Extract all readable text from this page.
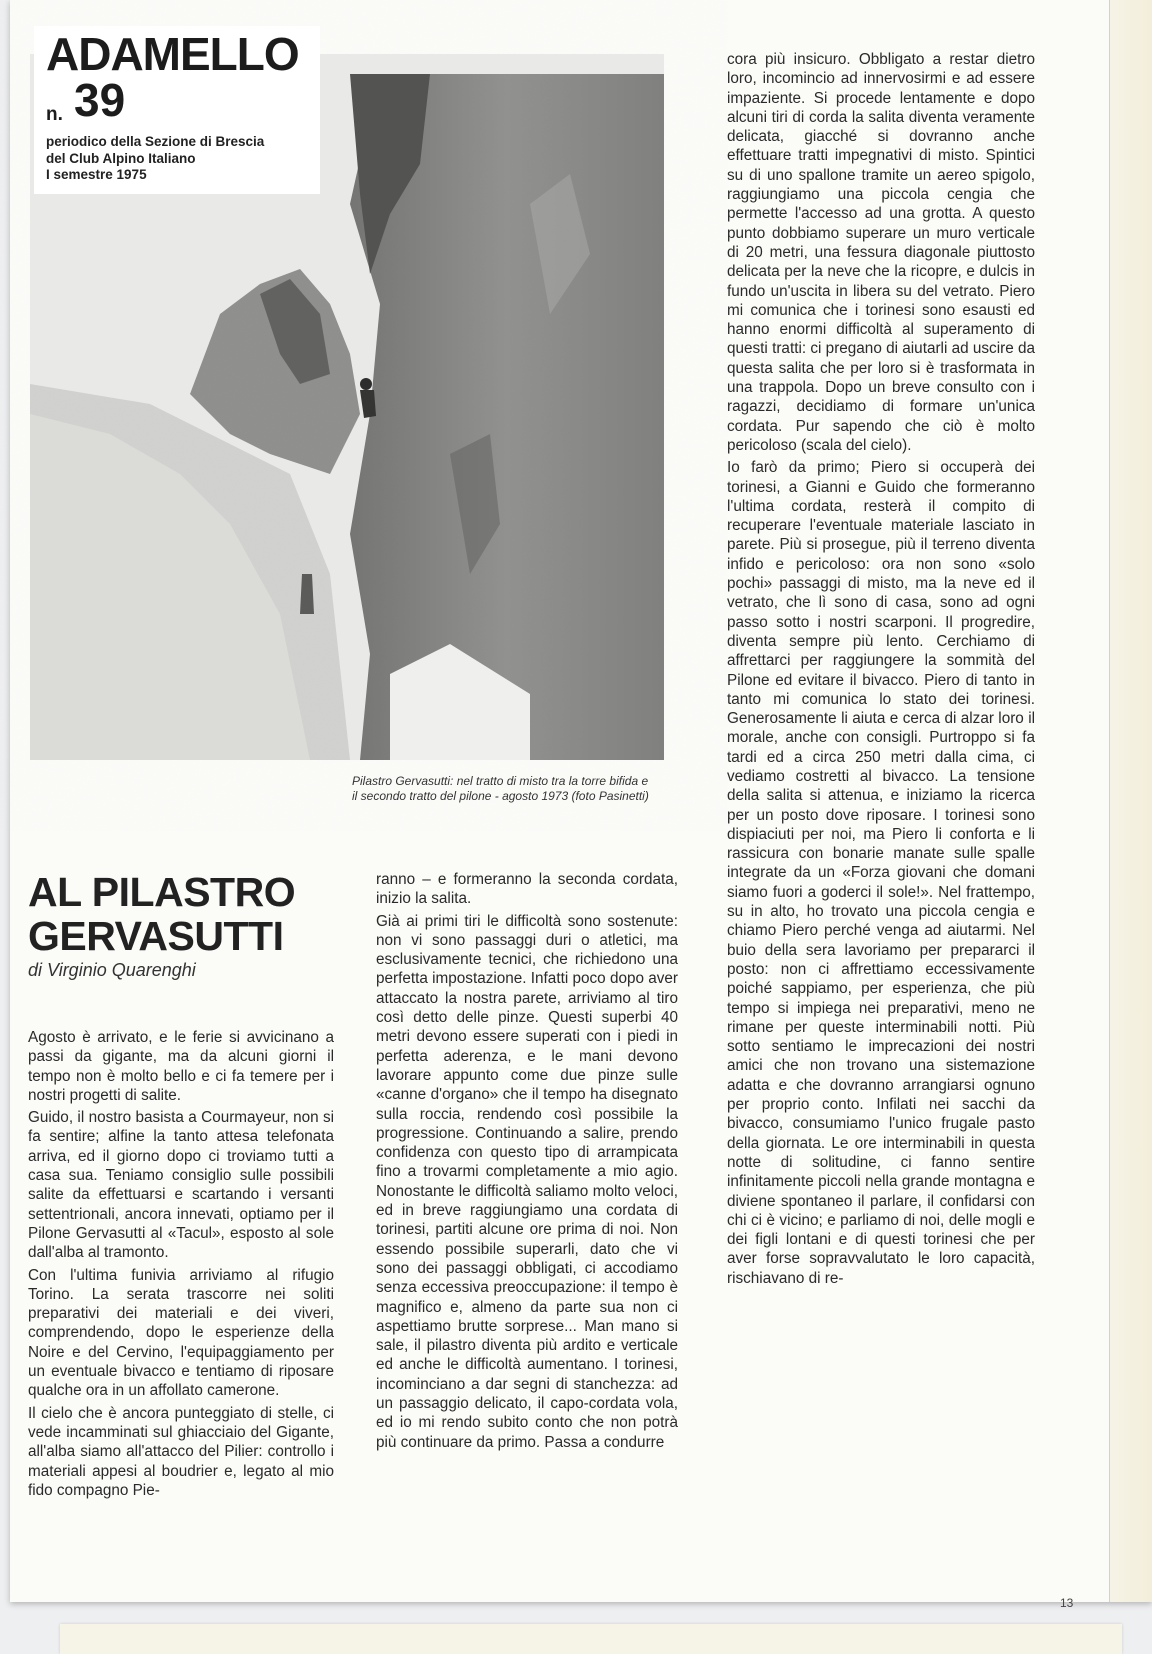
ADAMELLO
n. 39
periodico della Sezione di Brescia
del Club Alpino Italiano
I semestre 1975
Pilastro Gervasutti: nel tratto di misto tra la torre bifida e il secondo tratto del pilone - agosto 1973 (foto Pasinetti)
AL PILASTRO
GERVASUTTI
di Virginio Quarenghi

Agosto è arrivato, e le ferie si avvicinano a passi da gigante, ma da alcuni giorni il tempo non è molto bello e ci fa temere per i nostri progetti di salite.

Guido, il nostro basista a Courmayeur, non si fa sentire; alfine la tanto attesa telefonata arriva, ed il giorno dopo ci troviamo tutti a casa sua. Teniamo consiglio sulle possibili salite da effettuarsi e scartando i versanti settentrionali, ancora innevati, optiamo per il Pilone Gervasutti al «Tacul», esposto al sole dall'alba al tramonto.

Con l'ultima funivia arriviamo al rifugio Torino. La serata trascorre nei soliti preparativi dei materiali e dei viveri, comprendendo, dopo le esperienze della Noire e del Cervino, l'equipaggiamento per un eventuale bivacco e tentiamo di riposare qualche ora in un affollato camerone.

Il cielo che è ancora punteggiato di stelle, ci vede incamminati sul ghiacciaio del Gigante, all'alba siamo all'attacco del Pilier: controllo i materiali appesi al boudrier e, legato al mio fido compagno Pie-

ranno – e formeranno la seconda cordata, inizio la salita.

Già ai primi tiri le difficoltà sono sostenute: non vi sono passaggi duri o atletici, ma esclusivamente tecnici, che richiedono una perfetta impostazione. Infatti poco dopo aver attaccato la nostra parete, arriviamo al tiro così detto delle pinze. Questi superbi 40 metri devono essere superati con i piedi in perfetta aderenza, e le mani devono lavorare appunto come due pinze sulle «canne d'organo» che il tempo ha disegnato sulla roccia, rendendo così possibile la progressione. Continuando a salire, prendo confidenza con questo tipo di arrampicata fino a trovarmi completamente a mio agio. Nonostante le difficoltà saliamo molto veloci, ed in breve raggiungiamo una cordata di torinesi, partiti alcune ore prima di noi. Non essendo possibile superarli, dato che vi sono dei passaggi obbligati, ci accodiamo senza eccessiva preoccupazione: il tempo è magnifico e, almeno da parte sua non ci aspettiamo brutte sorprese... Man mano si sale, il pilastro diventa più ardito e verticale ed anche le difficoltà aumentano. I torinesi, incominciano a dar segni di stanchezza: ad un passaggio delicato, il capo-cordata vola, ed io mi rendo subito conto che non potrà più continuare da primo. Passa a condurre

cora più insicuro. Obbligato a restar dietro loro, incomincio ad innervosirmi e ad essere impaziente. Si procede lentamente e dopo alcuni tiri di corda la salita diventa veramente delicata, giacché si dovranno anche effettuare tratti impegnativi di misto. Spintici su di uno spallone tramite un aereo spigolo, raggiungiamo una piccola cengia che permette l'accesso ad una grotta. A questo punto dobbiamo superare un muro verticale di 20 metri, una fessura diagonale piuttosto delicata per la neve che la ricopre, e dulcis in fundo un'uscita in libera su del vetrato. Piero mi comunica che i torinesi sono esausti ed hanno enormi difficoltà al superamento di questi tratti: ci pregano di aiutarli ad uscire da questa salita che per loro si è trasformata in una trappola. Dopo un breve consulto con i ragazzi, decidiamo di formare un'unica cordata. Pur sapendo che ciò è molto pericoloso (scala del cielo).

Io farò da primo; Piero si occuperà dei torinesi, a Gianni e Guido che formeranno l'ultima cordata, resterà il compito di recuperare l'eventuale materiale lasciato in parete. Più si prosegue, più il terreno diventa infido e pericoloso: ora non sono «solo pochi» passaggi di misto, ma la neve ed il vetrato, che lì sono di casa, sono ad ogni passo sotto i nostri scarponi. Il progredire, diventa sempre più lento. Cerchiamo di affrettarci per raggiungere la sommità del Pilone ed evitare il bivacco. Piero di tanto in tanto mi comunica lo stato dei torinesi. Generosamente li aiuta e cerca di alzar loro il morale, anche con consigli. Purtroppo si fa tardi ed a circa 250 metri dalla cima, ci vediamo costretti al bivacco. La tensione della salita si attenua, e iniziamo la ricerca per un posto dove riposare. I torinesi sono dispiaciuti per noi, ma Piero li conforta e li rassicura con bonarie manate sulle spalle integrate da un «Forza giovani che domani siamo fuori a goderci il sole!». Nel frattempo, su in alto, ho trovato una piccola cengia e chiamo Piero perché venga ad aiutarmi. Nel buio della sera lavoriamo per prepararci il posto: non ci affrettiamo eccessivamente poiché sappiamo, per esperienza, che più tempo si impiega nei preparativi, meno ne rimane per queste interminabili notti. Più sotto sentiamo le imprecazioni dei nostri amici che non trovano una sistemazione adatta e che dovranno arrangiarsi ognuno per proprio conto. Infilati nei sacchi da bivacco, consumiamo l'unico frugale pasto della giornata. Le ore interminabili in questa notte di solitudine, ci fanno sentire infinitamente piccoli nella grande montagna e diviene spontaneo il parlare, il confidarsi con chi ci è vicino; e parliamo di noi, delle mogli e dei figli lontani e di questi torinesi che per aver forse sopravvalutato le loro capacità, rischiavano di re-

13
